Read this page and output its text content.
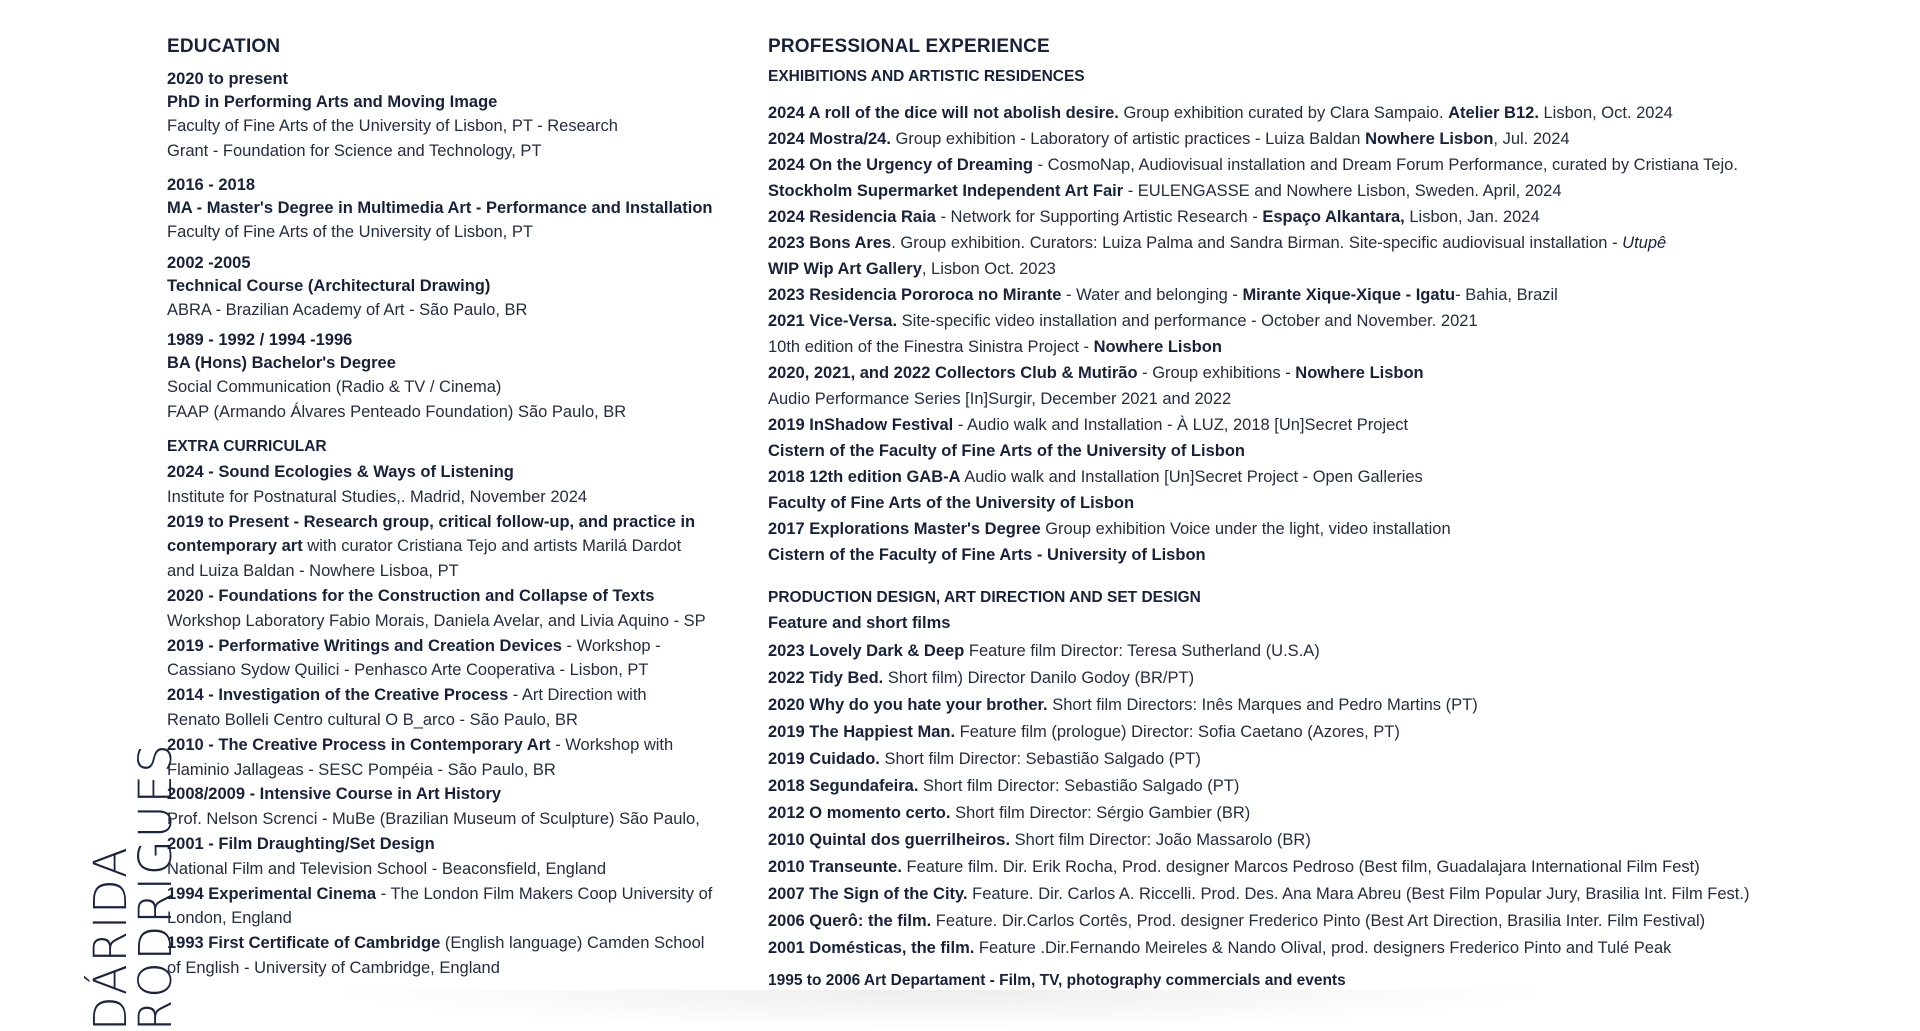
DÁRIDA RODRIGUES
EDUCATION
2020 to present
PhD in Performing Arts and Moving Image
Faculty of Fine Arts of the University of Lisbon, PT - Research
Grant - Foundation for Science and Technology, PT
2016 - 2018
MA - Master's Degree in Multimedia Art - Performance and Installation
Faculty of Fine Arts of the University of Lisbon, PT
2002 -2005
Technical Course (Architectural Drawing)
ABRA - Brazilian Academy of Art - São Paulo, BR
1989 - 1992 / 1994 -1996
BA (Hons) Bachelor's Degree
Social Communication (Radio & TV / Cinema)
FAAP (Armando Álvares Penteado Foundation) São Paulo, BR
EXTRA CURRICULAR
2024 - Sound Ecologies & Ways of Listening
Institute for Postnatural Studies,. Madrid, November 2024
2019 to Present - Research group, critical follow-up, and practice in
contemporary art with curator Cristiana Tejo and artists Marilá Dardot
and Luiza Baldan - Nowhere Lisboa, PT
2020 - Foundations for the Construction and Collapse of Texts
Workshop Laboratory Fabio Morais, Daniela Avelar, and Livia Aquino - SP
2019 - Performative Writings and Creation Devices - Workshop -
Cassiano Sydow Quilici - Penhasco Arte Cooperativa - Lisbon, PT
2014 - Investigation of the Creative Process - Art Direction with
Renato Bolleli Centro cultural O B_arco - São Paulo, BR
2010 - The Creative Process in Contemporary Art - Workshop with
Flaminio Jallageas - SESC Pompéia - São Paulo, BR
2008/2009 - Intensive Course in Art History
Prof. Nelson Screnci - MuBe (Brazilian Museum of Sculpture) São Paulo,
2001 - Film Draughting/Set Design
National Film and Television School - Beaconsfield, England
1994 Experimental Cinema - The London Film Makers Coop University of
London, England
1993 First Certificate of Cambridge (English language) Camden School
of English - University of Cambridge, England
PROFESSIONAL EXPERIENCE
EXHIBITIONS AND ARTISTIC RESIDENCES
2024 A roll of the dice will not abolish desire. Group exhibition curated by Clara Sampaio. Atelier B12. Lisbon, Oct. 2024
2024 Mostra/24. Group exhibition - Laboratory of artistic practices - Luiza Baldan Nowhere Lisbon, Jul. 2024
2024 On the Urgency of Dreaming - CosmoNap, Audiovisual installation and Dream Forum Performance, curated by Cristiana Tejo.
Stockholm Supermarket Independent Art Fair - EULENGASSE and Nowhere Lisbon, Sweden. April, 2024
2024 Residencia Raia - Network for Supporting Artistic Research - Espaço Alkantara, Lisbon, Jan. 2024
2023 Bons Ares. Group exhibition. Curators: Luiza Palma and Sandra Birman. Site-specific audiovisual installation - Utupê
WIP Wip Art Gallery, Lisbon Oct. 2023
2023 Residencia Pororoca no Mirante - Water and belonging - Mirante Xique-Xique - Igatu- Bahia, Brazil
2021 Vice-Versa. Site-specific video installation and performance - October and November. 2021
10th edition of the Finestra Sinistra Project - Nowhere Lisbon
2020, 2021, and 2022 Collectors Club & Mutirão - Group exhibitions - Nowhere Lisbon
Audio Performance Series [In]Surgir, December 2021 and 2022
2019 InShadow Festival - Audio walk and Installation - À LUZ, 2018 [Un]Secret Project
Cistern of the Faculty of Fine Arts of the University of Lisbon
2018 12th edition GAB-A Audio walk and Installation [Un]Secret Project - Open Galleries
Faculty of Fine Arts of the University of Lisbon
2017 Explorations Master's Degree Group exhibition Voice under the light, video installation
Cistern of the Faculty of Fine Arts - University of Lisbon
PRODUCTION DESIGN, ART DIRECTION AND SET DESIGN
Feature and short films
2023 Lovely Dark & Deep Feature film Director: Teresa Sutherland (U.S.A)
2022 Tidy Bed. Short film) Director Danilo Godoy (BR/PT)
2020 Why do you hate your brother. Short film Directors: Inês Marques and Pedro Martins (PT)
2019 The Happiest Man. Feature film (prologue) Director: Sofia Caetano (Azores, PT)
2019 Cuidado. Short film Director: Sebastião Salgado (PT)
2018 Segundafeira. Short film Director: Sebastião Salgado (PT)
2012 O momento certo. Short film Director: Sérgio Gambier (BR)
2010 Quintal dos guerrilheiros. Short film Director: João Massarolo (BR)
2010 Transeunte. Feature film. Dir. Erik Rocha, Prod. designer Marcos Pedroso (Best film, Guadalajara International Film Fest)
2007 The Sign of the City. Feature. Dir. Carlos A. Riccelli. Prod. Des. Ana Mara Abreu (Best Film Popular Jury, Brasilia Int. Film Fest.)
2006 Querô: the film. Feature. Dir.Carlos Cortês, Prod. designer Frederico Pinto (Best Art Direction, Brasilia Inter. Film Festival)
2001 Domésticas, the film. Feature .Dir.Fernando Meireles & Nando Olival, prod. designers Frederico Pinto and Tulé Peak
1995 to 2006 Art Departament - Film, TV, photography commercials and events
